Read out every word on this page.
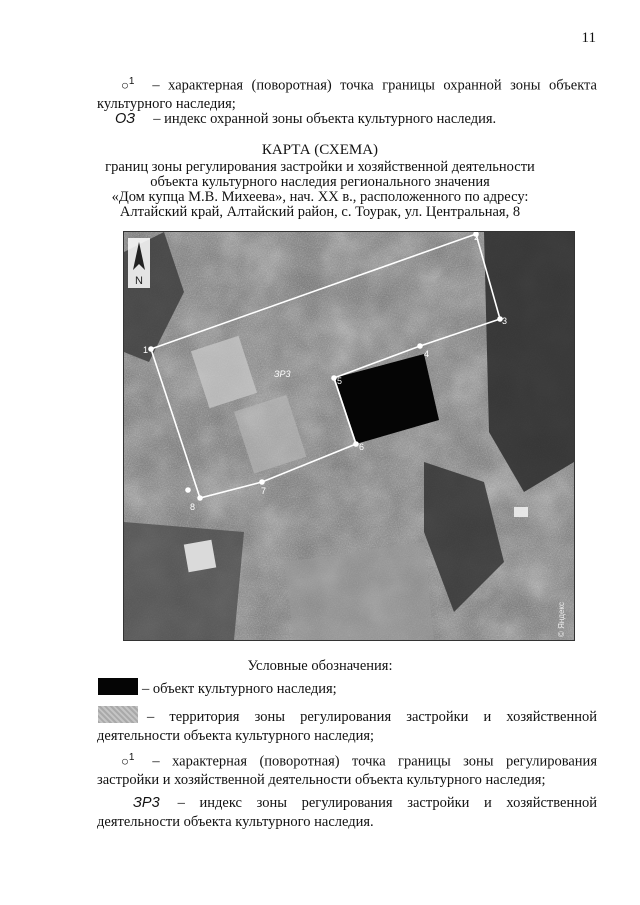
11
○$^1$ – характерная (поворотная) точка границы охранной зоны объекта культурного наследия;
ОЗ – индекс охранной зоны объекта культурного наследия.
КАРТА (СХЕМА)
границ зоны регулирования застройки и хозяйственной деятельности
объекта культурного наследия регионального значения
«Дом купца М.В. Михеева», нач. XX в., расположенного по адресу:
Алтайский край, Алтайский район, с. Тоурак, ул. Центральная, 8
N
ЗР3
1
2
3
4
5
6
7
8
© Яндекс
Условные обозначения:
– объект культурного наследия;
– территория зоны регулирования застройки и хозяйственной деятельности объекта культурного наследия;
○$^1$ – характерная (поворотная) точка границы зоны регулирования застройки и хозяйственной деятельности объекта культурного наследия;
ЗР3 – индекс зоны регулирования застройки и хозяйственной деятельности объекта культурного наследия.
